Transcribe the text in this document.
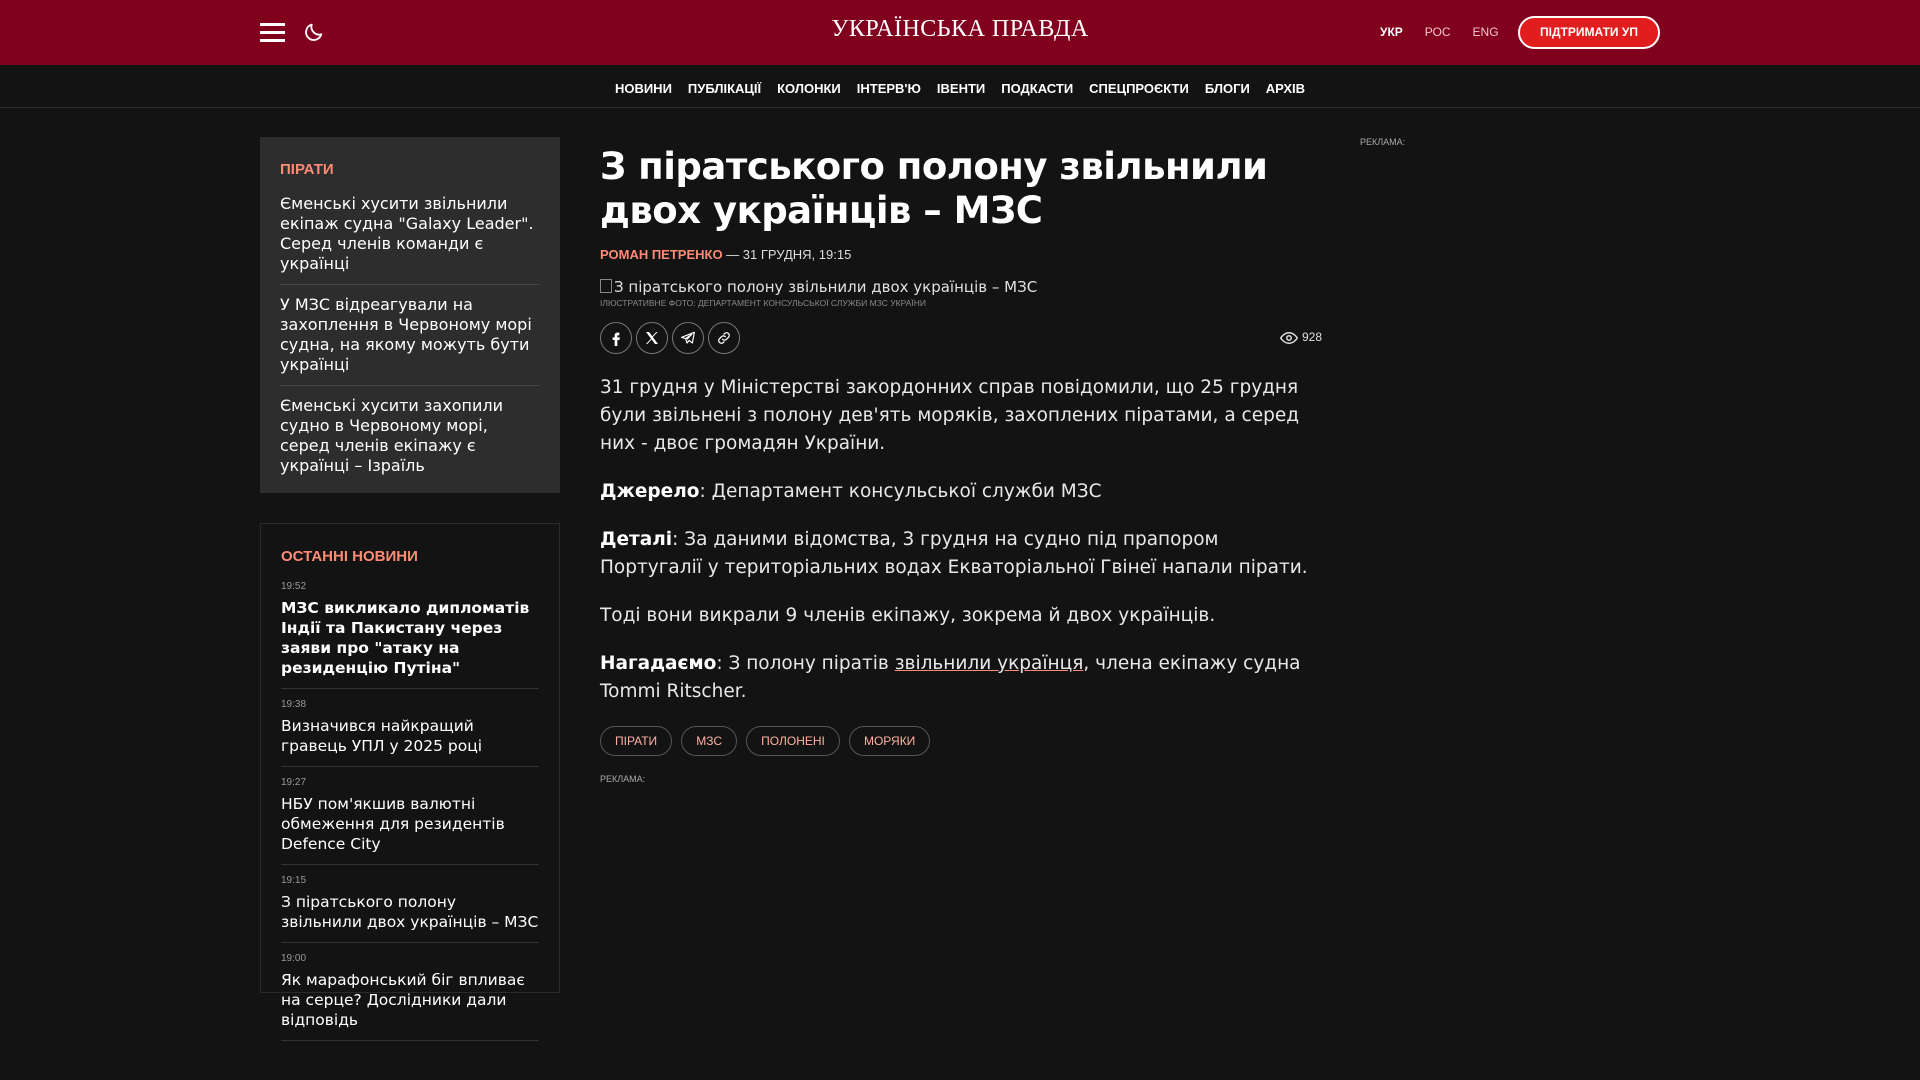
УКРАЇНСЬКА ПРАВДА	УКР РОС ENG	ПІДТРИМАТИ УП
НОВИНИ ПУБЛІКАЦІЇ КОЛОНКИ ІНТЕРВ'Ю ІВЕНТИ ПОДКАСТИ СПЕЦПРОЄКТИ БЛОГИ АРХІВ
ПІРАТИ
Єменські хусити звільнили екіпаж судна "Galaxy Leader". Серед членів команди є українці
У МЗС відреагували на захоплення в Червоному морі судна, на якому можуть бути українці
Єменські хусити захопили судно в Червоному морі, серед членів екіпажу є українці – Ізраїль
ОСТАННІ НОВИНИ
19:52
МЗС викликало дипломатів Індії та Пакистану через заяви про "атаку на резиденцію Путіна"
19:38
Визначився найкращий гравець УПЛ у 2025 році
19:27
НБУ пом'якшив валютні обмеження для резидентів Defence City
19:15
З піратського полону звільнили двох українців – МЗС
19:00
Як марафонський біг впливає на серце? Дослідники дали відповідь
З піратського полону звільнили двох українців – МЗС
РОМАН ПЕТРЕНКО — 31 ГРУДНЯ, 19:15
З піратського полону звільнили двох українців – МЗС
ІЛЮСТРАТИВНЕ ФОТО: ДЕПАРТАМЕНТ КОНСУЛЬСЬКОЇ СЛУЖБИ МЗС УКРАЇНИ
928

31 грудня у Міністерстві закордонних справ повідомили, що 25 грудня були звільнені з полону дев'ять моряків, захоплених піратами, а серед них - двоє громадян України.

Джерело: Департамент консульської служби МЗС

Деталі: За даними відомства, 3 грудня на судно під прапором Португалії у територіальних водах Екваторіальної Гвінеї напали пірати.

Тоді вони викрали 9 членів екіпажу, зокрема й двох українців.

Нагадаємо: З полону піратів звільнили українця, члена екіпажу судна Tommi Ritscher.

ПІРАТИ	МЗС	ПОЛОНЕНІ	МОРЯКИ
РЕКЛАМА:
РЕКЛАМА:
